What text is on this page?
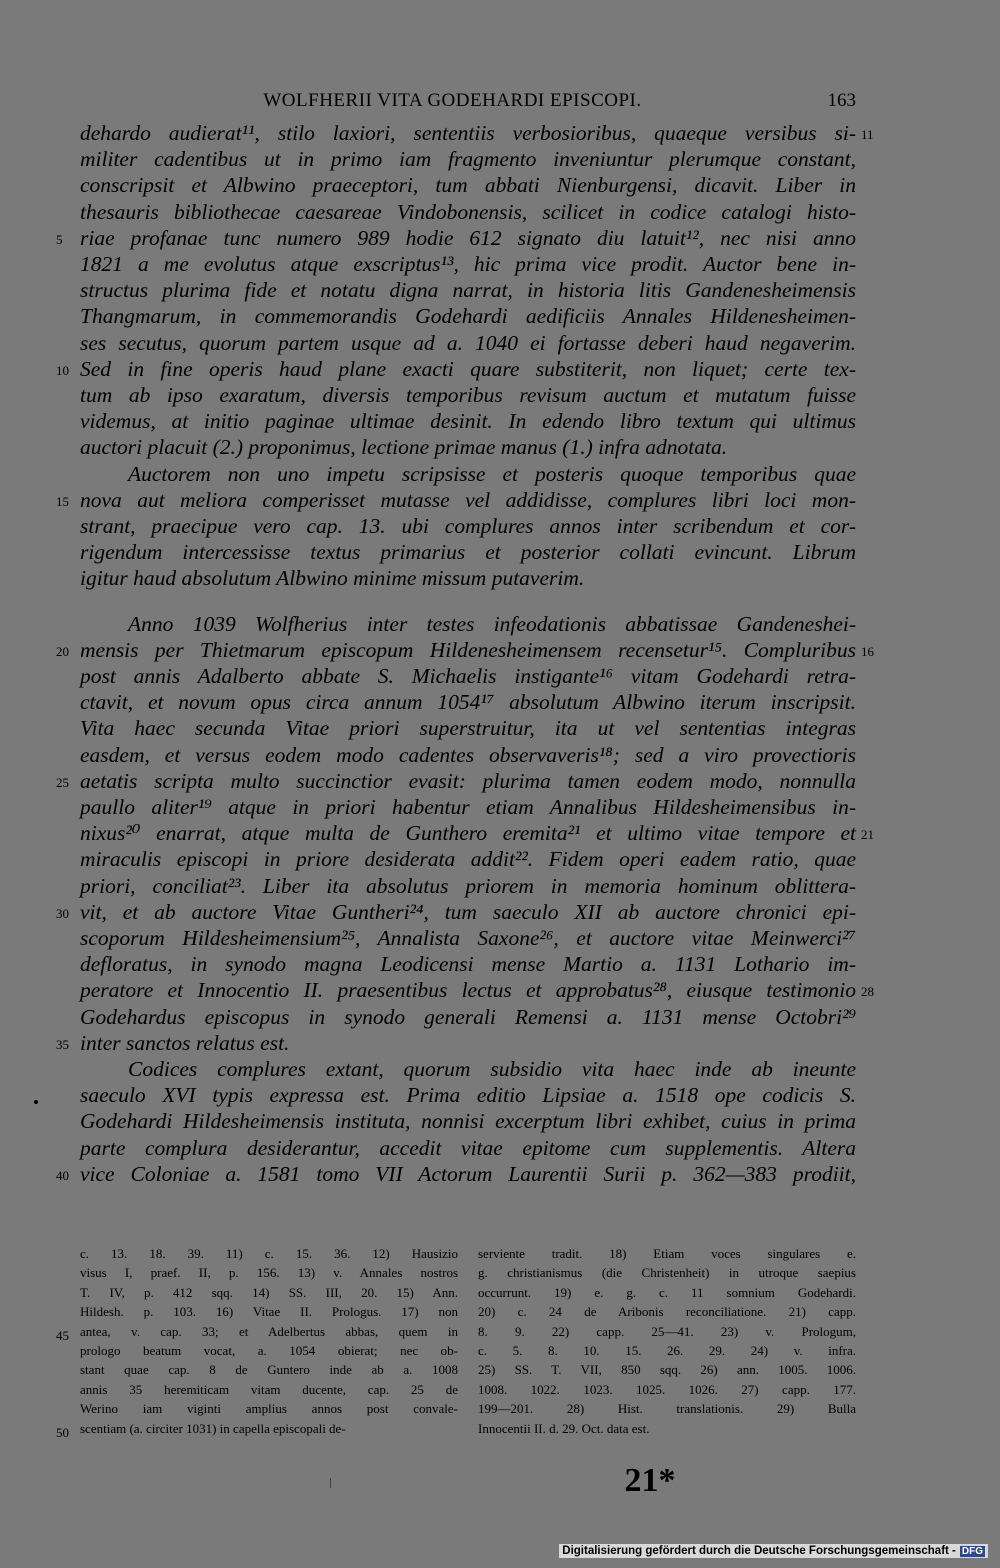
WOLFHERII VITA GODEHARDI EPISCOPI.	163
dehardo audierat¹¹, stilo laxiori, sententiis verbosioribus, quaeque versibus si-
militer cadentibus ut in primo iam fragmento inveniuntur plerumque constant,
conscripsit et Albwino praeceptori, tum abbati Nienburgensi, dicavit. Liber in
thesauris bibliothecae caesareae Vindobonensis, scilicet in codice catalogi histo-
riae profanae tunc numero 989 hodie 612 signato diu latuit¹², nec nisi anno
1821 a me evolutus atque exscriptus¹³, hic prima vice prodit. Auctor bene in-
structus plurima fide et notatu digna narrat, in historia litis Gandenesheimensis
Thangmarum, in commemorandis Godehardi aedificiis Annales Hildenesheimen-
ses secutus, quorum partem usque ad a. 1040 ei fortasse deberi haud negaverim.
Sed in fine operis haud plane exacti quare substiterit, non liquet; certe tex-
tum ab ipso exaratum, diversis temporibus revisum auctum et mutatum fuisse
videmus, at initio paginae ultimae desinit. In edendo libro textum qui ultimus
auctori placuit (2.) proponimus, lectione primae manus (1.) infra adnotata.
Auctorem non uno impetu scripsisse et posteris quoque temporibus quae
nova aut meliora comperisset mutasse vel addidisse, complures libri loci mon-
strant, praecipue vero cap. 13. ubi complures annos inter scribendum et cor-
rigendum intercessisse textus primarius et posterior collati evincunt. Librum
igitur haud absolutum Albwino minime missum putaverim.
Anno 1039 Wolfherius inter testes infeodationis abbatissae Gandeneshei-
mensis per Thietmarum episcopum Hildenesheimensem recensetur¹⁵. Compluribus
post annis Adalberto abbate S. Michaelis instigante¹⁶ vitam Godehardi retra-
ctavit, et novum opus circa annum 1054¹⁷ absolutum Albwino iterum inscripsit.
Vita haec secunda Vitae priori superstruitur, ita ut vel sententias integras
easdem, et versus eodem modo cadentes observaveris¹⁸; sed a viro provectioris
aetatis scripta multo succinctior evasit: plurima tamen eodem modo, nonnulla
paullo aliter¹⁹ atque in priori habentur etiam Annalibus Hildesheimensibus in-
nixus²⁰ enarrat, atque multa de Gunthero eremita²¹ et ultimo vitae tempore et
miraculis episcopi in priore desiderata addit²². Fidem operi eadem ratio, quae
priori, conciliat²³. Liber ita absolutus priorem in memoria hominum oblittera-
vit, et ab auctore Vitae Guntheri²⁴, tum saeculo XII ab auctore chronici epi-
scoporum Hildesheimensium²⁵, Annalista Saxone²⁶, et auctore vitae Meinwerci²⁷
defloratus, in synodo magna Leodicensi mense Martio a. 1131 Lothario im-
peratore et Innocentio II. praesentibus lectus et approbatus²⁸, eiusque testimonio
Godehardus episcopus in synodo generali Remensi a. 1131 mense Octobri²⁹
inter sanctos relatus est.
Codices complures extant, quorum subsidio vita haec inde ab ineunte
saeculo XVI typis expressa est. Prima editio Lipsiae a. 1518 ope codicis S.
Godehardi Hildesheimensis instituta, nonnisi excerptum libri exhibet, cuius in prima
parte complura desiderantur, accedit vitae epitome cum supplementis. Altera
vice Coloniae a. 1581 tomo VII Actorum Laurentii Surii p. 362—383 prodiit,
11
5
10
15
20	16
25
21
30
28
35
40
c. 13. 18. 39. 11) c. 15. 36. 12) Hausizio
visus I, praef. II, p. 156. 13) v. Annales nostros
T. IV, p. 412 sqq. 14) SS. III, 20. 15) Ann.
Hildesh. p. 103. 16) Vitae II. Prologus. 17) non
antea, v. cap. 33; et Adelbertus abbas, quem in
prologo beatum vocat, a. 1054 obierat; nec ob-
stant quae cap. 8 de Guntero inde ab a. 1008
annis 35 heremiticam vitam ducente, cap. 25 de
Werino iam viginti amplius annos post convale-
scentiam (a. circiter 1031) in capella episcopali de-
serviente tradit. 18) Etiam voces singulares e.
g. christianismus (die Christenheit) in utroque saepius
occurrunt. 19) e. g. c. 11 somnium Godehardi.
20) c. 24 de Aribonis reconciliatione. 21) capp.
8. 9. 22) capp. 25—41. 23) v. Prologum,
c. 5. 8. 10. 15. 26. 29. 24) v. infra.
25) SS. T. VII, 850 sqq. 26) ann. 1005. 1006.
1008. 1022. 1023. 1025. 1026. 27) capp. 177.
199—201. 28) Hist. translationis. 29) Bulla
Innocentii II. d. 29. Oct. data est.
45
50
21*
Digitalisierung gefördert durch die Deutsche Forschungsgemeinschaft - DFG
